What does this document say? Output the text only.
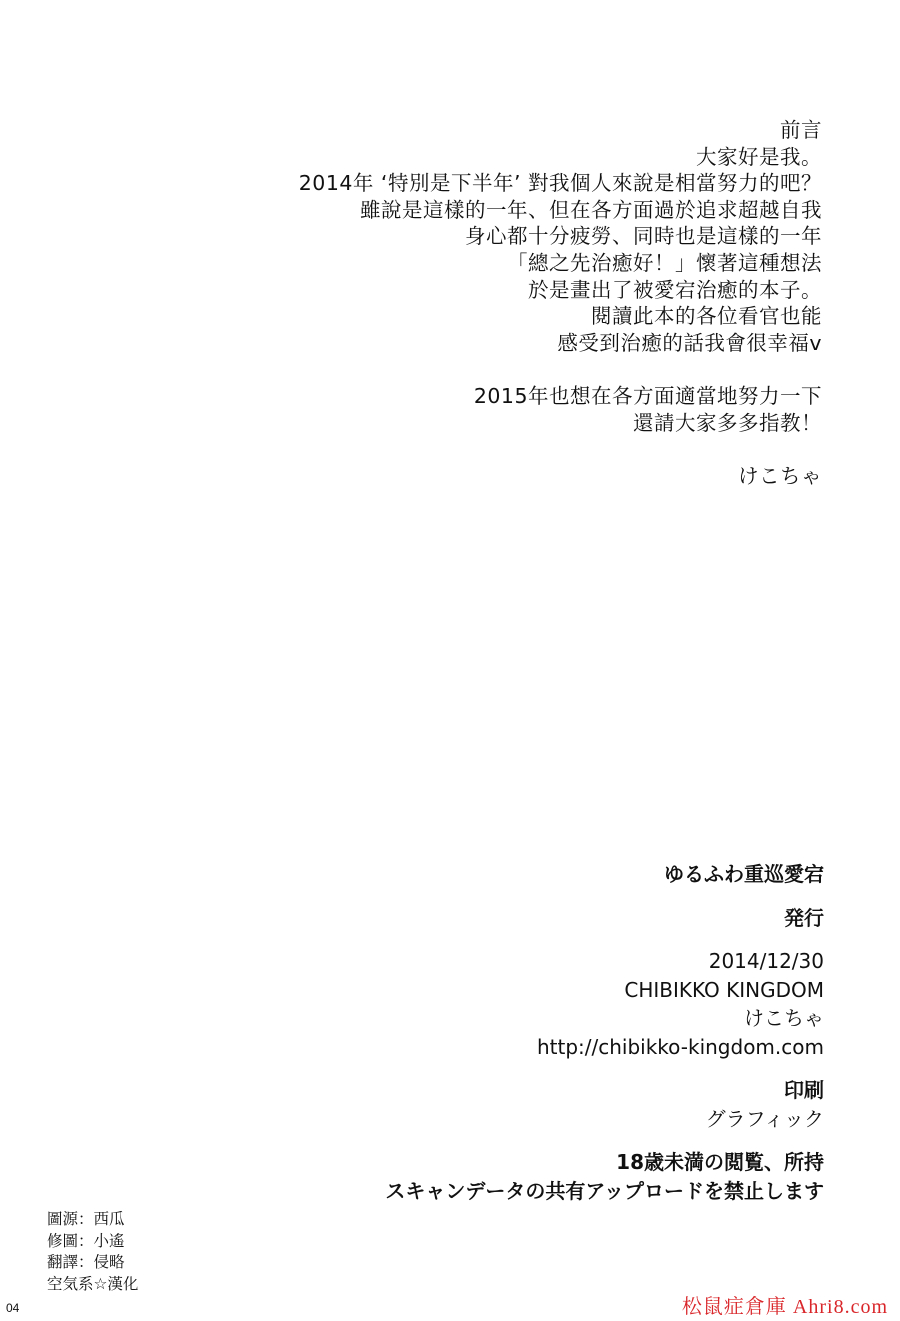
前言
大家好是我。
2014年 ‘特別是下半年’ 對我個人來說是相當努力的吧？
雖說是這樣的一年、但在各方面過於追求超越自我
身心都十分疲勞、同時也是這樣的一年
「總之先治癒好！」懷著這種想法
於是畫出了被愛宕治癒的本子。
閱讀此本的各位看官也能
感受到治癒的話我會很幸福v
2015年也想在各方面適當地努力一下
還請大家多多指教！
けこちゃ
ゆるふわ重巡愛宕
発行
2014/12/30
CHIBIKKO KINGDOM
けこちゃ
http://chibikko-kingdom.com
印刷
グラフィック
18歳未満の閲覧、所持
スキャンデータの共有アップロードを禁止します
圖源：西瓜
修圖：小遙
翻譯：侵略
空気系☆漢化
04	松鼠症倉庫 Ahri8.com
